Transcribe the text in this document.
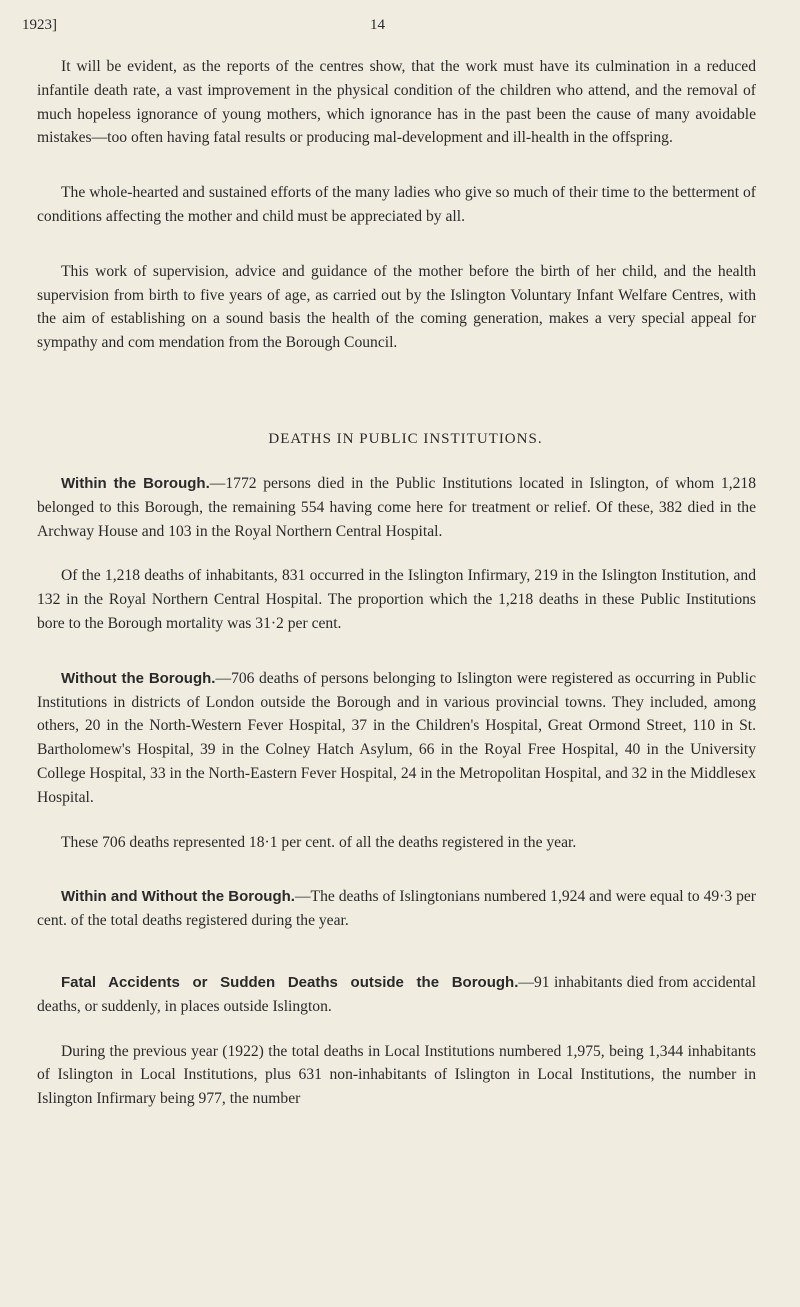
1923]	14

It will be evident, as the reports of the centres show, that the work must have its culmination in a reduced infantile death rate, a vast improvement in the physical condition of the children who attend, and the removal of much hopeless ignorance of young mothers, which ignorance has in the past been the cause of many avoidable mistakes—too often having fatal results or producing mal-development and ill-health in the offspring.

The whole-hearted and sustained efforts of the many ladies who give so much of their time to the betterment of conditions affecting the mother and child must be appreciated by all.

This work of supervision, advice and guidance of the mother before the birth of her child, and the health supervision from birth to five years of age, as carried out by the Islington Voluntary Infant Welfare Centres, with the aim of establishing on a sound basis the health of the coming generation, makes a very special appeal for sympathy and com mendation from the Borough Council.

DEATHS IN PUBLIC INSTITUTIONS.

Within the Borough.—1772 persons died in the Public Institutions located in Islington, of whom 1,218 belonged to this Borough, the remaining 554 having come here for treatment or relief. Of these, 382 died in the Archway House and 103 in the Royal Northern Central Hospital.

Of the 1,218 deaths of inhabitants, 831 occurred in the Islington Infirmary, 219 in the Islington Institution, and 132 in the Royal Northern Central Hospital. The proportion which the 1,218 deaths in these Public Institutions bore to the Borough mortality was 31·2 per cent.

Without the Borough.—706 deaths of persons belonging to Islington were registered as occurring in Public Institutions in districts of London outside the Borough and in various provincial towns. They included, among others, 20 in the North-Western Fever Hospital, 37 in the Children's Hospital, Great Ormond Street, 110 in St. Bartholomew's Hospital, 39 in the Colney Hatch Asylum, 66 in the Royal Free Hospital, 40 in the University College Hospital, 33 in the North-Eastern Fever Hospital, 24 in the Metropolitan Hospital, and 32 in the Middlesex Hospital.

These 706 deaths represented 18·1 per cent. of all the deaths registered in the year.

Within and Without the Borough.—The deaths of Islingtonians numbered 1,924 and were equal to 49·3 per cent. of the total deaths registered during the year.

Fatal Accidents or Sudden Deaths outside the Borough.—91 inhabitants died from accidental deaths, or suddenly, in places outside Islington.

During the previous year (1922) the total deaths in Local Institutions numbered 1,975, being 1,344 inhabitants of Islington in Local Institutions, plus 631 non-inhabitants of Islington in Local Institutions, the number in Islington Infirmary being 977, the number
